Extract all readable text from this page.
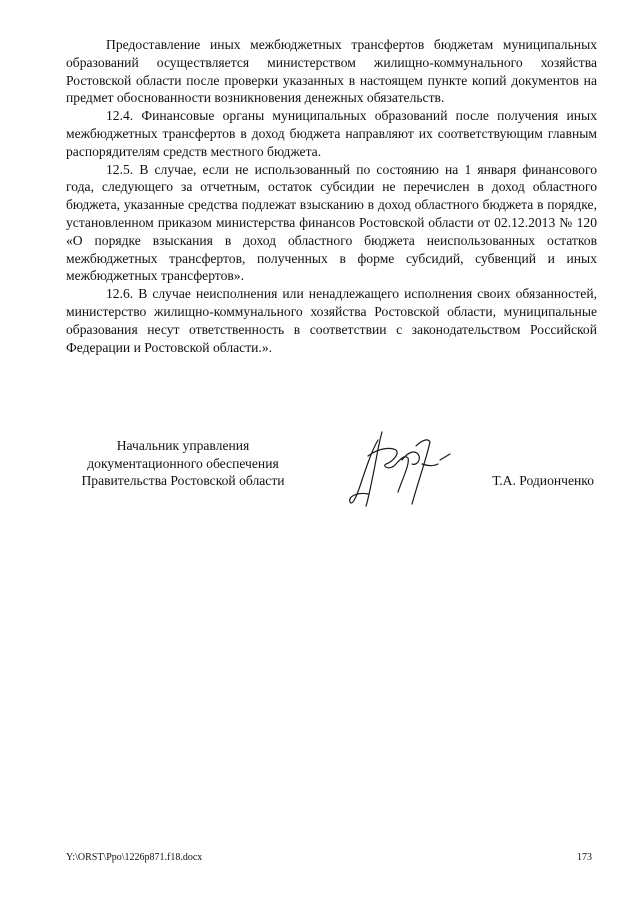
Предоставление иных межбюджетных трансфертов бюджетам муниципальных образований осуществляется министерством жилищно-коммунального хозяйства Ростовской области после проверки указанных в настоящем пункте копий документов на предмет обоснованности возникновения денежных обязательств.

12.4. Финансовые органы муниципальных образований после получения иных межбюджетных трансфертов в доход бюджета направляют их соответствующим главным распорядителям средств местного бюджета.

12.5. В случае, если не использованный по состоянию на 1 января финансового года, следующего за отчетным, остаток субсидии не перечислен в доход областного бюджета, указанные средства подлежат взысканию в доход областного бюджета в порядке, установленном приказом министерства финансов Ростовской области от 02.12.2013 № 120 «О порядке взыскания в доход областного бюджета неиспользованных остатков межбюджетных трансфертов, полученных в форме субсидий, субвенций и иных межбюджетных трансфертов».

12.6. В случае неисполнения или ненадлежащего исполнения своих обязанностей, министерство жилищно-коммунального хозяйства Ростовской области, муниципальные образования несут ответственность в соответствии с законодательством Российской Федерации и Ростовской области.».

Начальник управления
документационного обеспечения
Правительства Ростовской области	Т.А. Родионченко
Y:\ORST\Ppo\1226p871.f18.docx	173
